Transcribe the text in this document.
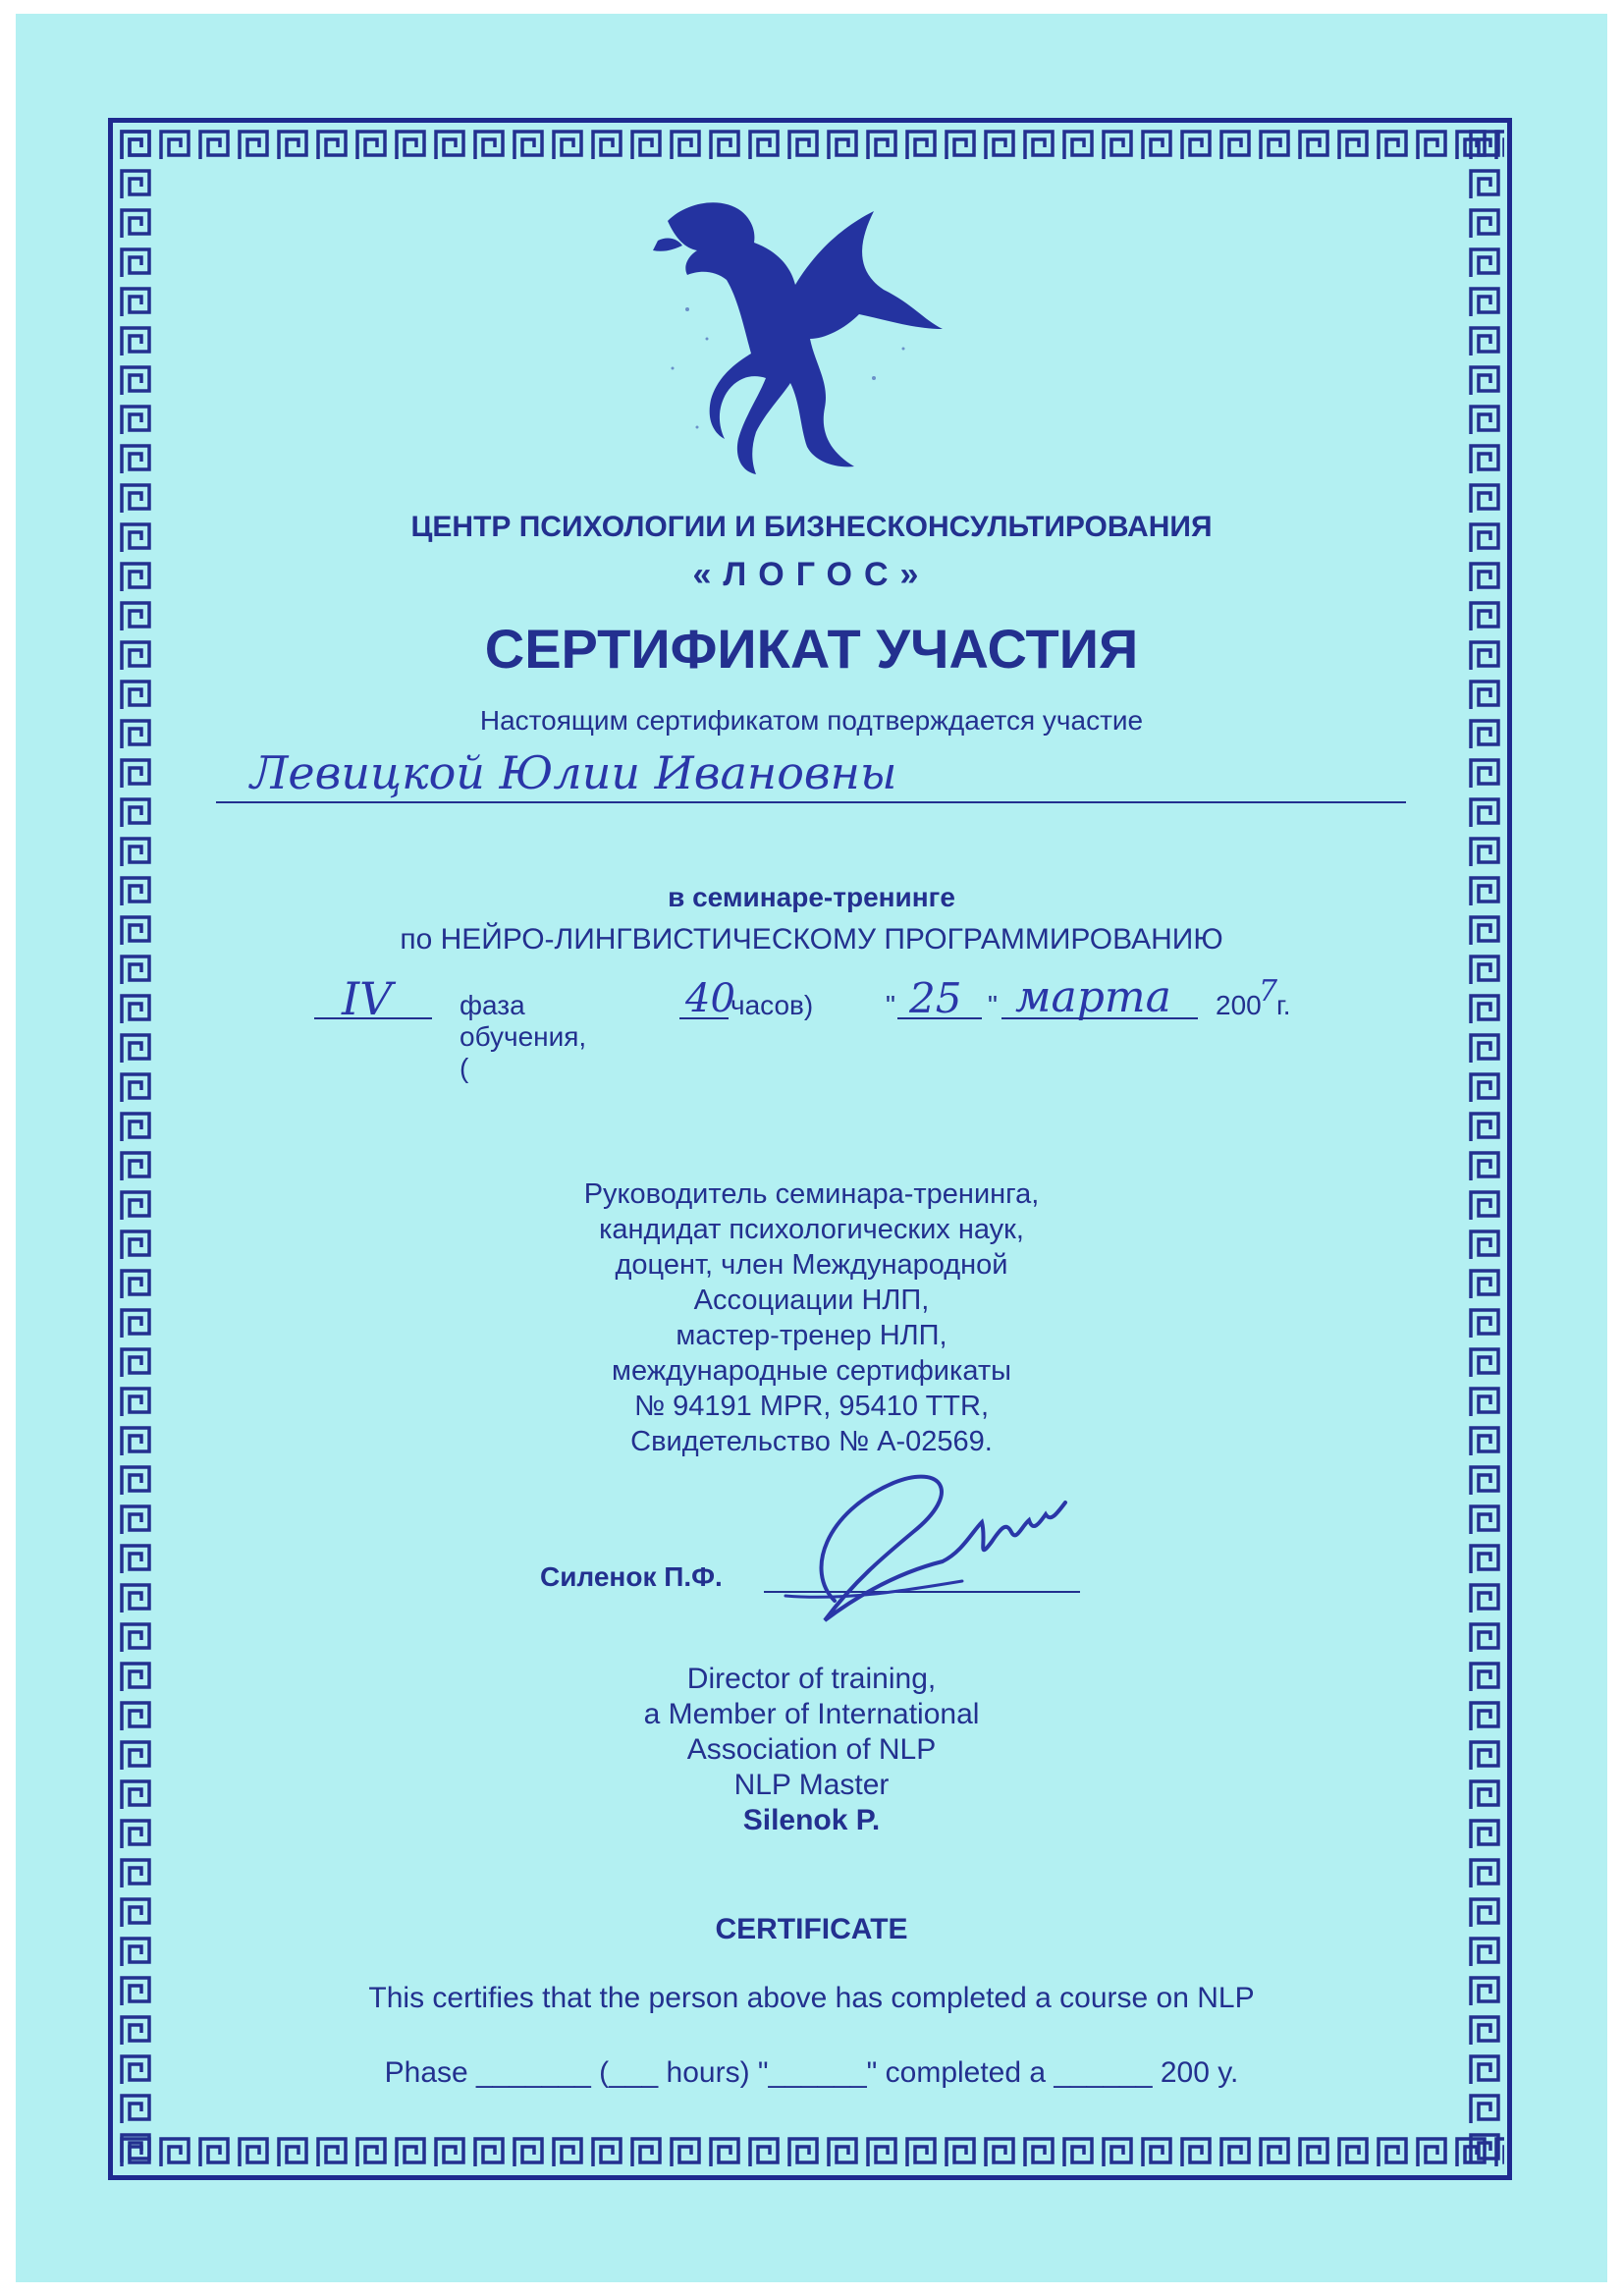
ЦЕНТР ПСИХОЛОГИИ И БИЗНЕСКОНСУЛЬТИРОВАНИЯ
«ЛОГОС»
СЕРТИФИКАТ УЧАСТИЯ
Настоящим сертификатом подтверждается участие
Левицкой Юлии Ивановны
в семинаре-тренинге
по НЕЙРО-ЛИНГВИСТИЧЕСКОМУ ПРОГРАММИРОВАНИЮ
IV фаза обучения, (
40
часов)	" 25 " марта 200
7
г.
Руководитель семинара-тренинга,
кандидат психологических наук,
доцент, член Международной
Ассоциации НЛП,
мастер-тренер НЛП,
международные сертификаты
№ 94191 MPR, 95410 TTR,
Свидетельство № А-02569.
Силенок П.Ф.
Director of training,
a Member of International
Association of NLP
NLP Master
Silenok P.
CERTIFICATE
This certifies that the person above has completed a course on NLP
Phase _______ (___ hours) "______" completed a ______ 200 y.
